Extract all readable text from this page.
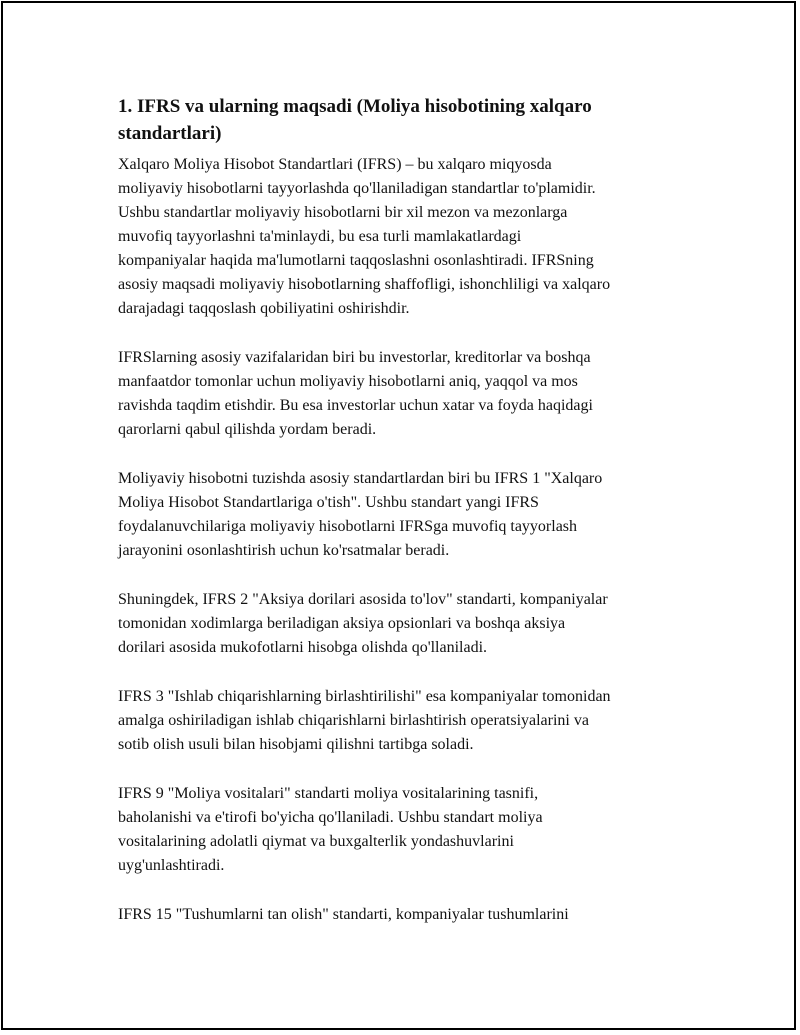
1. IFRS va ularning maqsadi (Moliya hisobotining xalqaro
standartlari)

Xalqaro Moliya Hisobot Standartlari (IFRS) – bu xalqaro miqyosda
moliyaviy hisobotlarni tayyorlashda qo'llaniladigan standartlar to'plamidir.
Ushbu standartlar moliyaviy hisobotlarni bir xil mezon va mezonlarga
muvofiq tayyorlashni ta'minlaydi, bu esa turli mamlakatlardagi
kompaniyalar haqida ma'lumotlarni taqqoslashni osonlashtiradi. IFRSning
asosiy maqsadi moliyaviy hisobotlarning shaffofligi, ishonchliligi va xalqaro
darajadagi taqqoslash qobiliyatini oshirishdir.

IFRSlarning asosiy vazifalaridan biri bu investorlar, kreditorlar va boshqa
manfaatdor tomonlar uchun moliyaviy hisobotlarni aniq, yaqqol va mos
ravishda taqdim etishdir. Bu esa investorlar uchun xatar va foyda haqidagi
qarorlarni qabul qilishda yordam beradi.

Moliyaviy hisobotni tuzishda asosiy standartlardan biri bu IFRS 1 "Xalqaro
Moliya Hisobot Standartlariga o'tish". Ushbu standart yangi IFRS
foydalanuvchilariga moliyaviy hisobotlarni IFRSga muvofiq tayyorlash
jarayonini osonlashtirish uchun ko'rsatmalar beradi.

Shuningdek, IFRS 2 "Aksiya dorilari asosida to'lov" standarti, kompaniyalar
tomonidan xodimlarga beriladigan aksiya opsionlari va boshqa aksiya
dorilari asosida mukofotlarni hisobga olishda qo'llaniladi.

IFRS 3 "Ishlab chiqarishlarning birlashtirilishi" esa kompaniyalar tomonidan
amalga oshiriladigan ishlab chiqarishlarni birlashtirish operatsiyalarini va
sotib olish usuli bilan hisobjami qilishni tartibga soladi.

IFRS 9 "Moliya vositalari" standarti moliya vositalarining tasnifi,
baholanishi va e'tirofi bo'yicha qo'llaniladi. Ushbu standart moliya
vositalarining adolatli qiymat va buxgalterlik yondashuvlarini
uyg'unlashtiradi.

IFRS 15 "Tushumlarni tan olish" standarti, kompaniyalar tushumlarini
